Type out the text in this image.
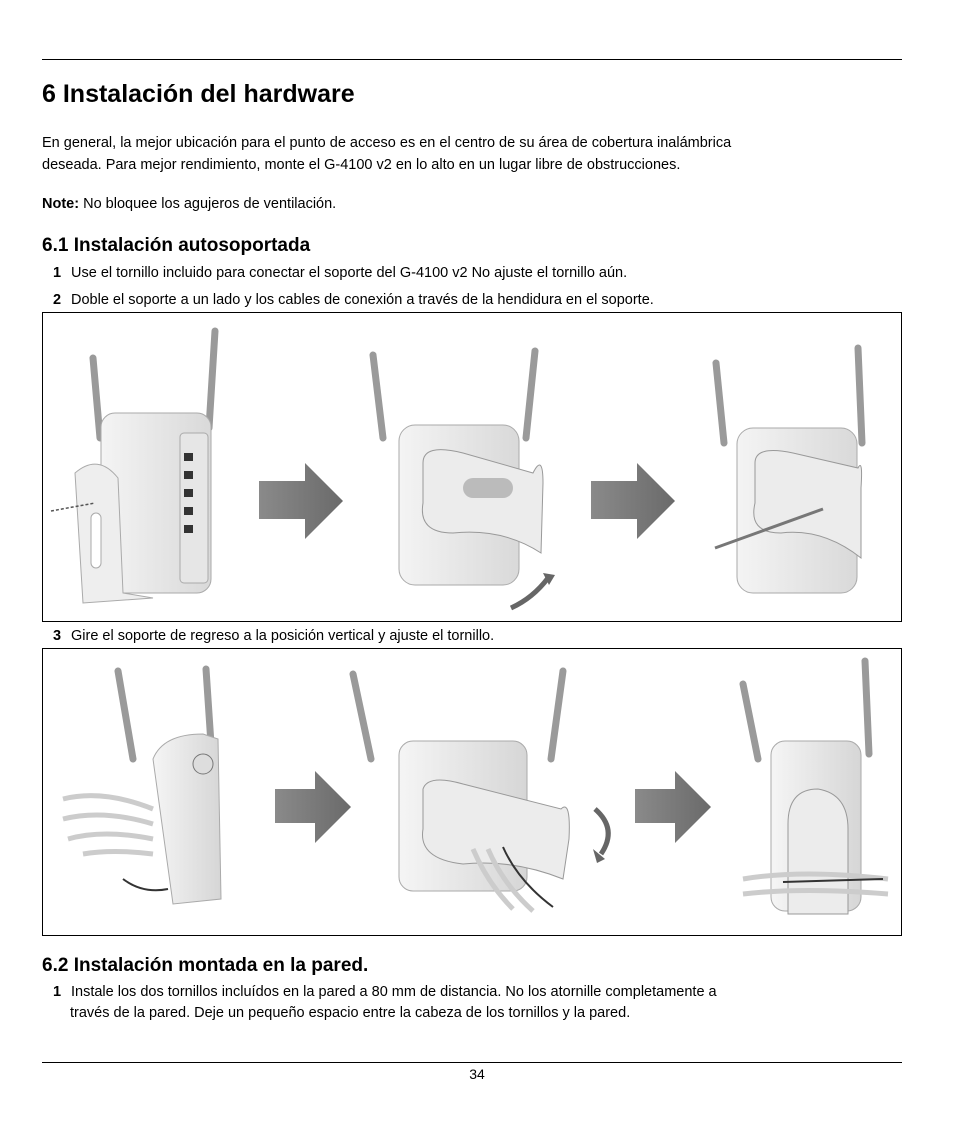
6 Instalación del hardware
En general, la mejor ubicación para el punto de acceso es en el centro de su área de cobertura inalámbrica
deseada. Para mejor rendimiento, monte el G-4100 v2 en lo alto en un lugar libre de obstrucciones.
Note: No bloquee los agujeros de ventilación.
6.1 Instalación autosoportada
1 Use el tornillo incluido para conectar el soporte del G-4100 v2 No ajuste el tornillo aún.
2 Doble el soporte a un lado y los cables de conexión a través de la hendidura en el soporte.
3 Gire el soporte de regreso a la posición vertical y ajuste el tornillo.
6.2 Instalación montada en la pared.
1 Instale los dos tornillos incluídos en la pared a 80 mm de distancia. No los atornille completamente a
través de la pared. Deje un pequeño espacio entre la cabeza de los tornillos y la pared.
34
